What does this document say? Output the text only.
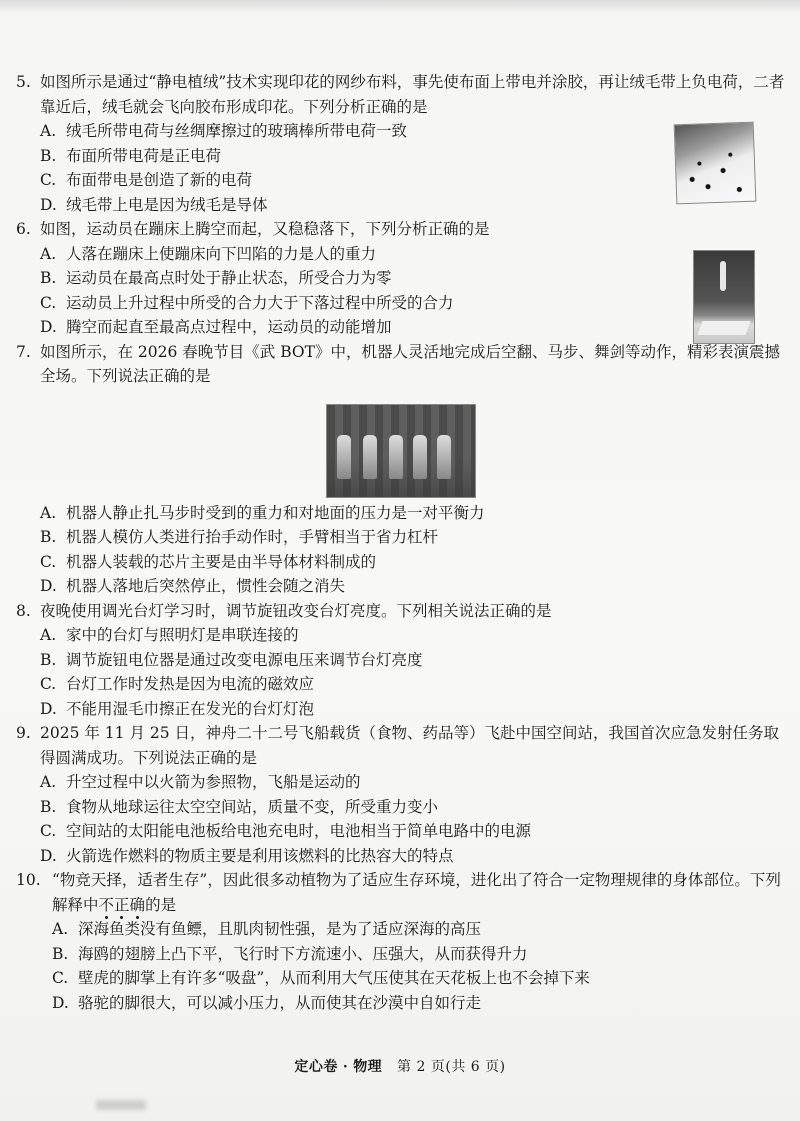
5. 如图所示是通过“静电植绒”技术实现印花的网纱布料，事先使布面上带电并涂胶，再让绒毛带上负电荷，二者靠近后，绒毛就会飞向胶布形成印花。下列分析正确的是
A. 绒毛所带电荷与丝绸摩擦过的玻璃棒所带电荷一致
B. 布面所带电荷是正电荷
C. 布面带电是创造了新的电荷
D. 绒毛带上电是因为绒毛是导体
6. 如图，运动员在蹦床上腾空而起，又稳稳落下，下列分析正确的是
A. 人落在蹦床上使蹦床向下凹陷的力是人的重力
B. 运动员在最高点时处于静止状态，所受合力为零
C. 运动员上升过程中所受的合力大于下落过程中所受的合力
D. 腾空而起直至最高点过程中，运动员的动能增加
7. 如图所示，在 2026 春晚节目《武 BOT》中，机器人灵活地完成后空翻、马步、舞剑等动作，精彩表演震撼全场。下列说法正确的是
A. 机器人静止扎马步时受到的重力和对地面的压力是一对平衡力
B. 机器人模仿人类进行抬手动作时，手臂相当于省力杠杆
C. 机器人装载的芯片主要是由半导体材料制成的
D. 机器人落地后突然停止，惯性会随之消失
8. 夜晚使用调光台灯学习时，调节旋钮改变台灯亮度。下列相关说法正确的是
A. 家中的台灯与照明灯是串联连接的
B. 调节旋钮电位器是通过改变电源电压来调节台灯亮度
C. 台灯工作时发热是因为电流的磁效应
D. 不能用湿毛巾擦正在发光的台灯灯泡
9. 2025 年 11 月 25 日，神舟二十二号飞船载货（食物、药品等）飞赴中国空间站，我国首次应急发射任务取得圆满成功。下列说法正确的是
A. 升空过程中以火箭为参照物，飞船是运动的
B. 食物从地球运往太空空间站，质量不变，所受重力变小
C. 空间站的太阳能电池板给电池充电时，电池相当于简单电路中的电源
D. 火箭选作燃料的物质主要是利用该燃料的比热容大的特点
10. “物竞天择，适者生存”，因此很多动植物为了适应生存环境，进化出了符合一定物理规律的身体部位。下列解释中不
正
确
的是
A. 深海鱼类没有鱼鳔，且肌肉韧性强，是为了适应深海的高压
B. 海鸥的翅膀上凸下平，飞行时下方流速小、压强大，从而获得升力
C. 壁虎的脚掌上有许多“吸盘”，从而利用大气压使其在天花板上也不会掉下来
D. 骆驼的脚很大，可以减小压力，从而使其在沙漠中自如行走
定心卷 · 物理 第 2 页(共 6 页)
